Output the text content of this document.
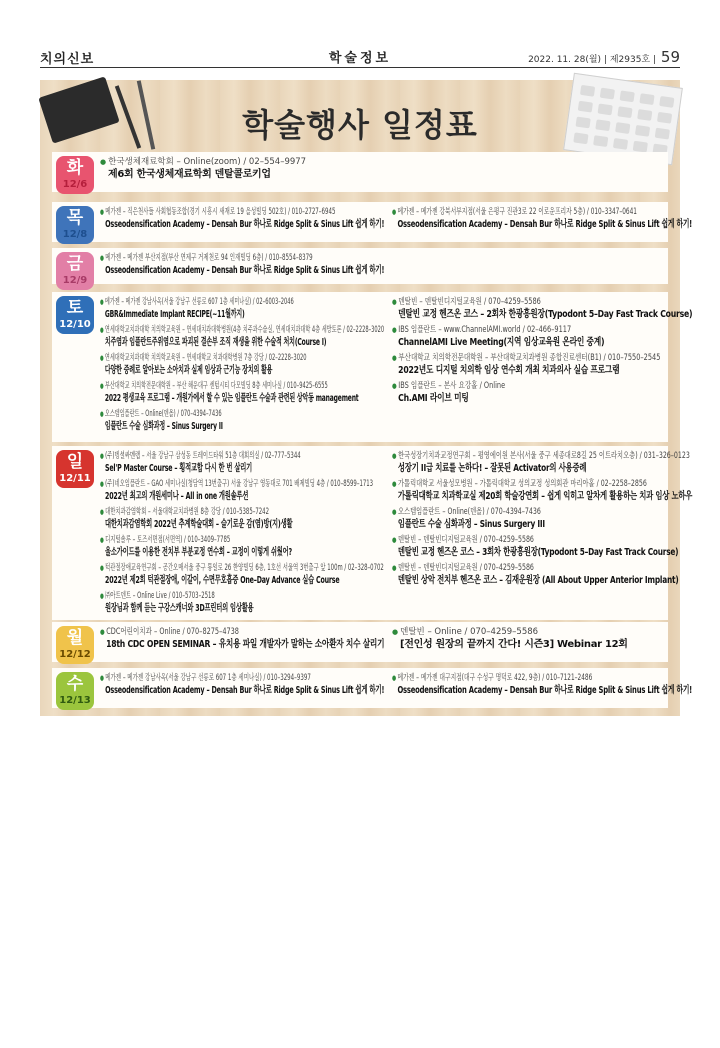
치의신보	학술정보	2022. 11. 28(월) | 제2935호 | 59
학술행사 일정표
화
12/6
● 한국생체재료학회 – Online(zoom) / 02–554–9977
제6회 한국생체재료학회 덴탈콜로키업
목
12/8
● 메가젠 – 직은천사들 사회협동조합(경기 시흥시 새재로 19 을성빌딩 502호) / 010–2727–6945
Osseodensification Academy – Densah Bur 하나로 Ridge Split & Sinus Lift 쉽게 하기!
● 메가젠 – 메가젠 강북서부지점(서울 은평구 진관3로 22 이로운프리자 5층) / 010–3347–0641
Osseodensification Academy – Densah Bur 하나로 Ridge Split & Sinus Lift 쉽게 하기!
금
12/9
● 메가젠 – 메가젠 부산지점(부산 연제구 거제천로 94 인재빌딩 6층) / 010–8554–8379
Osseodensification Academy – Densah Bur 하나로 Ridge Split & Sinus Lift 쉽게 하기!
토
12/10
● 메가젠 – 메가젠 강남사옥(서울 강남구 선릉로 607 1층 세미나실) / 02–6003–2046
GBR&Immediate Implant RECIPE(~11월까지)
● 연세대학교치과대학 치의학교육원 – 연세대치과대학병원(4층 치주과수술실, 연세대치과대학 4층 세방토론 / 02–2228–3020
치주염과 임플란트주위염으로 파괴된 결손부 조직 재생을 위한 수술적 처치(Course I)
● 연세대학교치과대학 치의학교육원 – 연세대학교 치과대학병원 7층 강당 / 02–2228–3020
다양한 증례로 알아보는 소아치과 실제 임상과 근기능 장치의 활용
● 부산대학교 치의학전문대학원 – 부산 해운대구 센텀시티 다모빌딩 8층 세미나실 / 010–9425–6555
2022 평생교육 프로그램 – 개원가에서 할 수 있는 임플란트 수술과 관련된 상악동 management
● 오스템임플란트 – Online(덴올) / 070–4394–7436
임플란트 수술 심화과정 – Sinus Surgery II
● 덴탈빈 – 덴탈빈디지털교육원 / 070–4259–5586
덴탈빈 교정 헨즈온 코스 – 2회차 한광흥원장(Typodont 5–Day Fast Track Course)
● IBS 임플란트 – www.ChannelAMI.world / 02–466–9117
ChannelAMI Live Meeting(지역 임상교육원 온라인 중계)
● 부산대학교 치의학전문대학원 – 부산대학교치과병원 종합진료센터(B1) / 010–7550–2545
2022년도 디지털 치의학 임상 연수회 개최 치과의사 실습 프로그램
● IBS 임플란트 – 본사 요강홀 / Online
Ch.AMI 라이브 미팅
일
12/11
● (주)뎅셜싸멘랩 – 서울 강남구 삼성동 트레이드타워 51층 대회의실 / 02–777–5344
Sel'P Master Course – 횡적교합 다시 한 번 살리기
● (주)네오임플란트 – GAO 세미나실(청담역 13번출구) 서울 강남구 영동대로 701 배제빌딩 4층 / 010–8599–1713
2022년 최고의 개원세미나 – All in one 개원솔루션
● 대한치과감염학회 – 서울대학교치과병원 8층 강당 / 010–5385–7242
대한치과감염학회 2022년 추계학술대회 – 슬기로운 감(염)방(지)생활
● 디지털솔루 – 토즈서면점(서면역) / 010–3409–7785
울소가이드를 이용한 전치부 부분교정 연수회 – 교정이 이렇게 쉬웠어?
● 턱관절장애교육연구회 – 공간오매서울 중구 통일로 26 한양빌딩 6층, 1호선 서울역 3번출구 앞 100m / 02–328–0702
2022년 제2회 턱관절장애, 이갈이, 수면무호흡증 One–Day Advance 실습 Course
● ㈜아트덴트 – Online Live / 010–5703–2518
원장님과 함께 듣는 구강스캐너와 3D프린터의 임상활용
● 한국성장기치과교정연구회 – 평영에이원 본사(서울 중구 세종대로8길 25 이트라치오층) / 031–326–0123
성장기 II급 치료를 논하다! – 잘못된 Activator의 사용증례
● 가톨릭대학교 서울성모병원 – 가톨릭대학교 성의교정 성의회관 마리아홀 / 02–2258–2856
가톨릭대학교 치과학교실 제20회 학술강연회 – 쉽게 익히고 알차게 활용하는 치과 임상 노하우
● 오스템임플란트 – Online(덴올) / 070–4394–7436
임플란트 수술 심화과정 – Sinus Surgery III
● 덴탈빈 – 덴탈빈디지털교육원 / 070–4259–5586
덴탈빈 교정 헨즈온 코스 – 3회차 한광흥원장(Typodont 5–Day Fast Track Course)
● 덴탈빈 – 덴탈빈디지털교육원 / 070–4259–5586
덴탈빈 상악 전치부 헨즈온 코스 – 김재운원장 (All About Upper Anterior Implant)
월
12/12
● CDC어린이치과 – Online / 070–8275–4738
18th CDC OPEN SEMINAR – 유치용 파일 개발자가 말하는 소아환자 치수 살리기
● 덴탈빈 – Online / 070–4259–5586
[전인성 원장의 끝까지 간다! 시즌3] Webinar 12회
수
12/13
● 메가젠 – 메가젠 강남사옥(서울 강남구 선릉로 607 1층 세미나실) / 010–3294–9397
Osseodensification Academy – Densah Bur 하나로 Ridge Split & Sinus Lift 쉽게 하기!
● 메가젠 – 메가젠 대구지점(대구 수성구 명덕로 422, 9층) / 010–7121–2486
Osseodensification Academy – Densah Bur 하나로 Ridge Split & Sinus Lift 쉽게 하기!
